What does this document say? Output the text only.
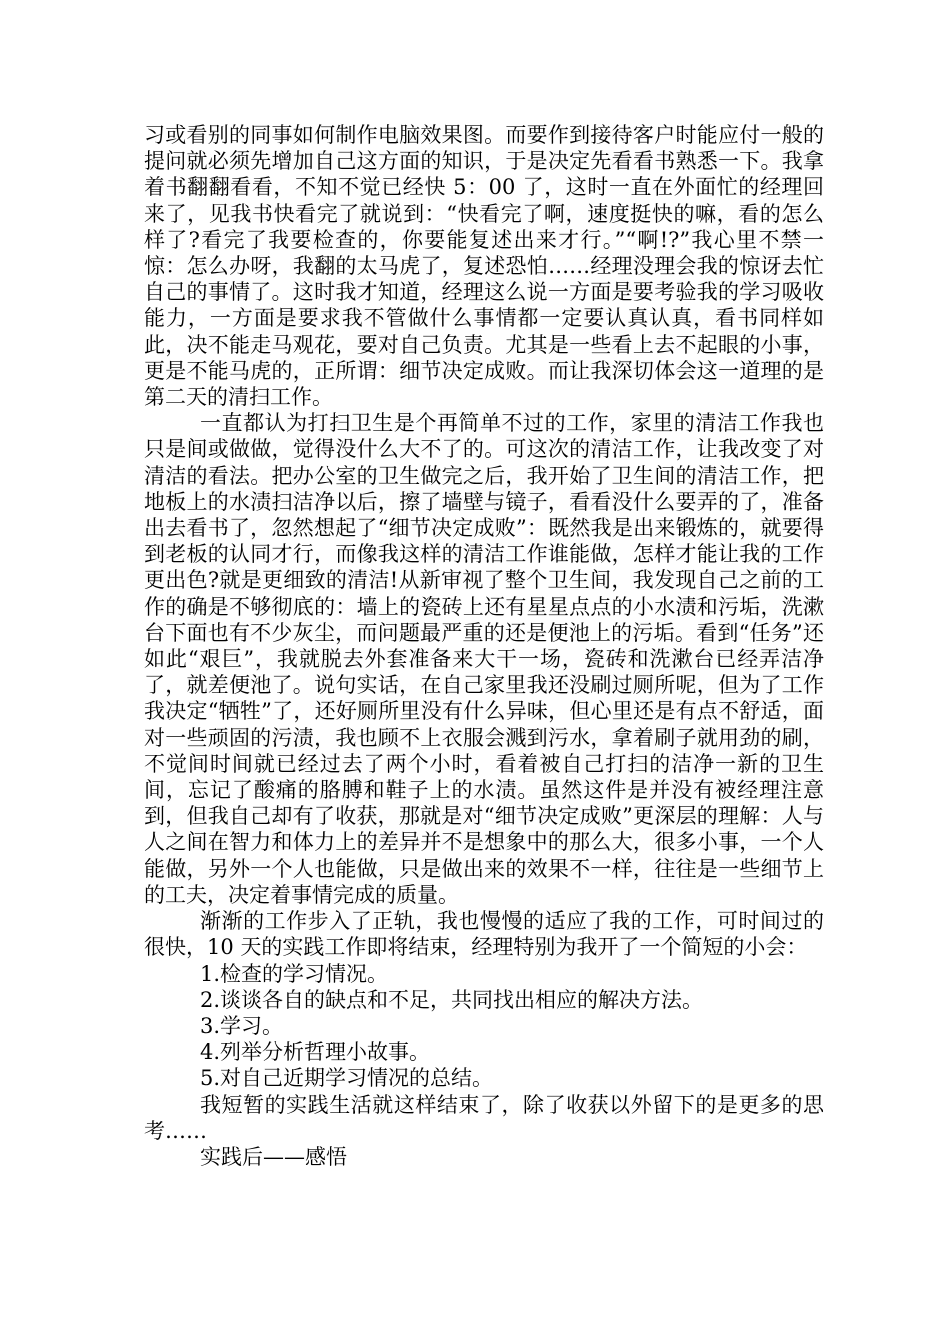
习或看别的同事如何制作电脑效果图。而要作到接待客户时能应付一般的提问就必须先增加自己这方面的知识，于是决定先看看书熟悉一下。我拿着书翻翻看看，不知不觉已经快 5：00 了，这时一直在外面忙的经理回来了，见我书快看完了就说到：“快看完了啊，速度挺快的嘛，看的怎么样了?看完了我要检查的，你要能复述出来才行。”“啊!?”我心里不禁一惊：怎么办呀，我翻的太马虎了，复述恐怕……经理没理会我的惊讶去忙自己的事情了。这时我才知道，经理这么说一方面是要考验我的学习吸收能力，一方面是要求我不管做什么事情都一定要认真认真，看书同样如此，决不能走马观花，要对自己负责。尤其是一些看上去不起眼的小事，更是不能马虎的，正所谓：细节决定成败。而让我深切体会这一道理的是第二天的清扫工作。

一直都认为打扫卫生是个再简单不过的工作，家里的清洁工作我也只是间或做做，觉得没什么大不了的。可这次的清洁工作，让我改变了对清洁的看法。把办公室的卫生做完之后，我开始了卫生间的清洁工作，把地板上的水渍扫洁净以后，擦了墙壁与镜子，看看没什么要弄的了，准备出去看书了，忽然想起了“细节决定成败”：既然我是出来锻炼的，就要得到老板的认同才行，而像我这样的清洁工作谁能做，怎样才能让我的工作更出色?就是更细致的清洁!从新审视了整个卫生间，我发现自己之前的工作的确是不够彻底的：墙上的瓷砖上还有星星点点的小水渍和污垢，洗漱台下面也有不少灰尘，而问题最严重的还是便池上的污垢。看到“任务”还如此“艰巨”，我就脱去外套准备来大干一场，瓷砖和洗漱台已经弄洁净了，就差便池了。说句实话，在自己家里我还没刷过厕所呢，但为了工作我决定“牺牲”了，还好厕所里没有什么异味，但心里还是有点不舒适，面对一些顽固的污渍，我也顾不上衣服会溅到污水，拿着刷子就用劲的刷，不觉间时间就已经过去了两个小时，看着被自己打扫的洁净一新的卫生间，忘记了酸痛的胳膊和鞋子上的水渍。虽然这件是并没有被经理注意到，但我自己却有了收获，那就是对“细节决定成败”更深层的理解：人与人之间在智力和体力上的差异并不是想象中的那么大，很多小事，一个人能做，另外一个人也能做，只是做出来的效果不一样，往往是一些细节上的工夫，决定着事情完成的质量。

渐渐的工作步入了正轨，我也慢慢的适应了我的工作，可时间过的很快，10 天的实践工作即将结束，经理特别为我开了一个简短的小会：

1.检查的学习情况。

2.谈谈各自的缺点和不足，共同找出相应的解决方法。

3.学习。

4.列举分析哲理小故事。

5.对自己近期学习情况的总结。

我短暂的实践生活就这样结束了，除了收获以外留下的是更多的思考……

实践后——感悟
